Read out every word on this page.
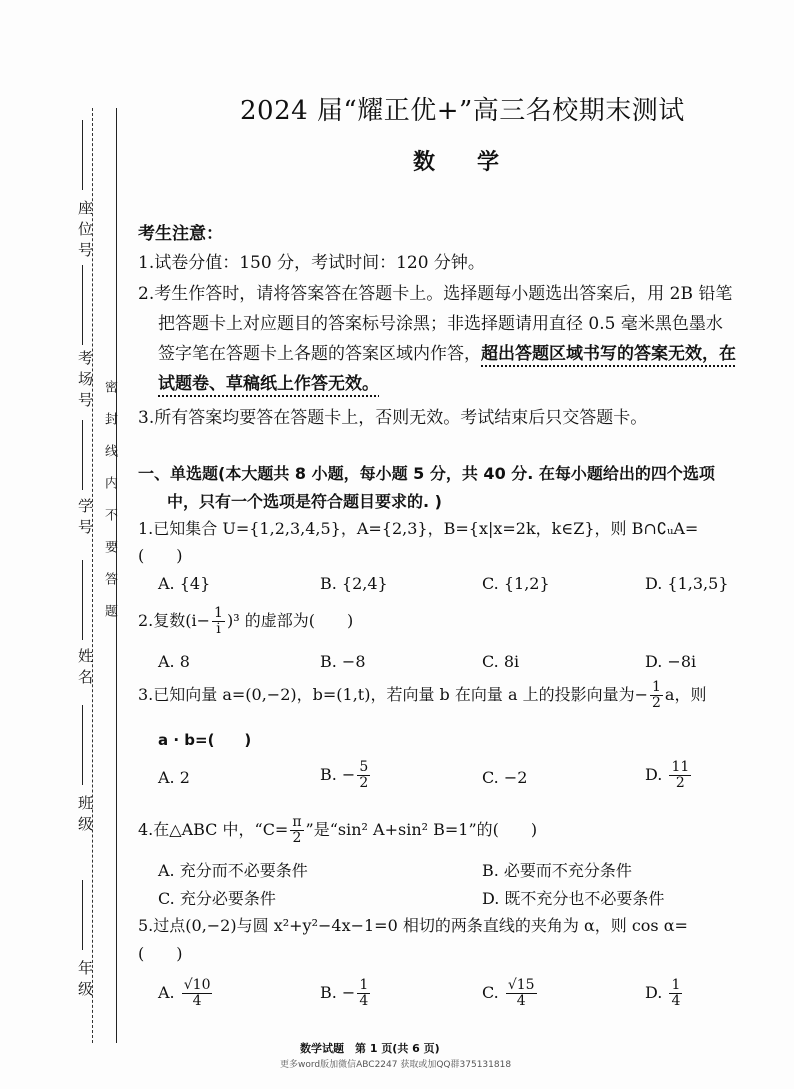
座位号
考场号
学号
姓名
班级
年级
密封线内不要答题
2024 届“耀正优+”高三名校期末测试
数学
考生注意：
1.试卷分值：150 分，考试时间：120 分钟。
2.考生作答时，请将答案答在答题卡上。选择题每小题选出答案后，用 2B 铅笔
把答题卡上对应题目的答案标号涂黑；非选择题请用直径 0.5 毫米黑色墨水
签字笔在答题卡上各题的答案区域内作答，超出答题区域书写的答案无效，在
试题卷、草稿纸上作答无效。
3.所有答案均要答在答题卡上，否则无效。考试结束后只交答题卡。
一、单选题(本大题共 8 小题，每小题 5 分，共 40 分. 在每小题给出的四个选项
中，只有一个选项是符合题目要求的. )
1.已知集合 U={1,2,3,4,5}，A={2,3}，B={x|x=2k，k∈Z}，则 B∩∁ᵤA=
(　　)
A. {4}	B. {2,4}	C. {1,2}	D. {1,3,5}
2.复数$(i- \frac{1}{i} )^3$ 的虚部为(　　)
A. 8	B. −8	C. 8i	D. −8i
3.已知向量 a=(0,−2)，b=(1,t)，若向量 b 在向量 a 上的投影向量为− $\frac{1}{2}$ a，则
a · b=(　　)
A. 2	B. − $\frac{5}{2}$	C. −2	D. $\frac{11}{2}$
4.在△ABC 中，“$C= \frac{\pi}{2}$ ”是“sin² A+sin² B=1”的(　　)
A. 充分而不必要条件	B. 必要而不充分条件
C. 充分必要条件	D. 既不充分也不必要条件
5.过点(0,−2)与圆 x²+y²−4x−1=0 相切的两条直线的夹角为 α，则 cos α=
(　　)
A. $\frac{√10}{4}$	B. − $\frac{1}{4}$	C. $\frac{√15}{4}$	D. $\frac{1}{4}$
数学试题　第 1 页(共 6 页)
更多word版加微信ABC2247 获取或加QQ群375131818
